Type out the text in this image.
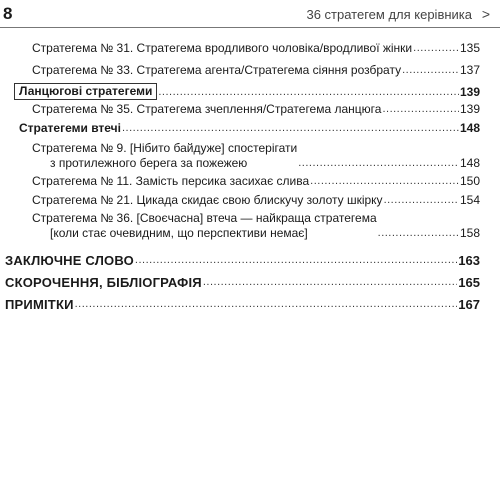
8	36 стратегем для керівника >
Стратегема № 31. Стратегема вродливого чоловіка/вродливої жінки .....	135
Стратегема № 33. Стратегема агента/Стратегема сіяння розбрату .....	137
Ланцюгові стратегеми .....	139
Стратегема № 35. Стратегема зчеплення/Стратегема ланцюга .....	139
Стратегеми втечі .....	148
Стратегема № 9. [Нібито байдуже] спостерігати
з протилежного берега за пожежею .....	148
Стратегема № 11. Замість персика засихає слива .....	150
Стратегема № 21. Цикада скидає свою блискучу золоту шкірку .....	154
Стратегема № 36. [Своєчасна] втеча — найкраща стратегема
[коли стає очевидним, що перспективи немає] .....	158
ЗАКЛЮЧНЕ СЛОВО .....	163
СКОРОЧЕННЯ, БІБЛІОГРАФІЯ .....	165
ПРИМІТКИ .....	167
